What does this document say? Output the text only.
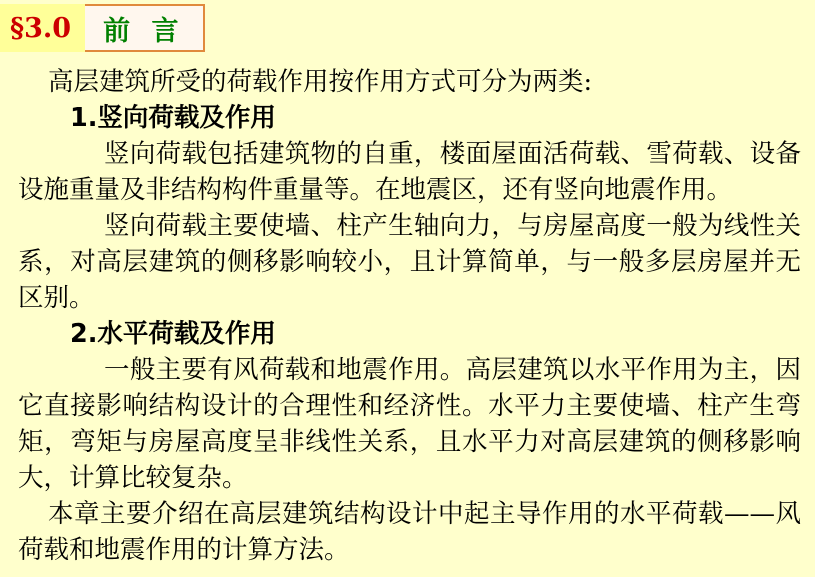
§3.0	前 言

高层建筑所受的荷载作用按作用方式可分为两类:

1.竖向荷载及作用

竖向荷载包括建筑物的自重，楼面屋面活荷载、雪荷载、设备设施重量及非结构构件重量等。在地震区，还有竖向地震作用。

竖向荷载主要使墙、柱产生轴向力，与房屋高度一般为线性关系，对高层建筑的侧移影响较小，且计算简单，与一般多层房屋并无区别。

2.水平荷载及作用

一般主要有风荷载和地震作用。高层建筑以水平作用为主，因它直接影响结构设计的合理性和经济性。水平力主要使墙、柱产生弯矩，弯矩与房屋高度呈非线性关系，且水平力对高层建筑的侧移影响大，计算比较复杂。

本章主要介绍在高层建筑结构设计中起主导作用的水平荷载——风荷载和地震作用的计算方法。
